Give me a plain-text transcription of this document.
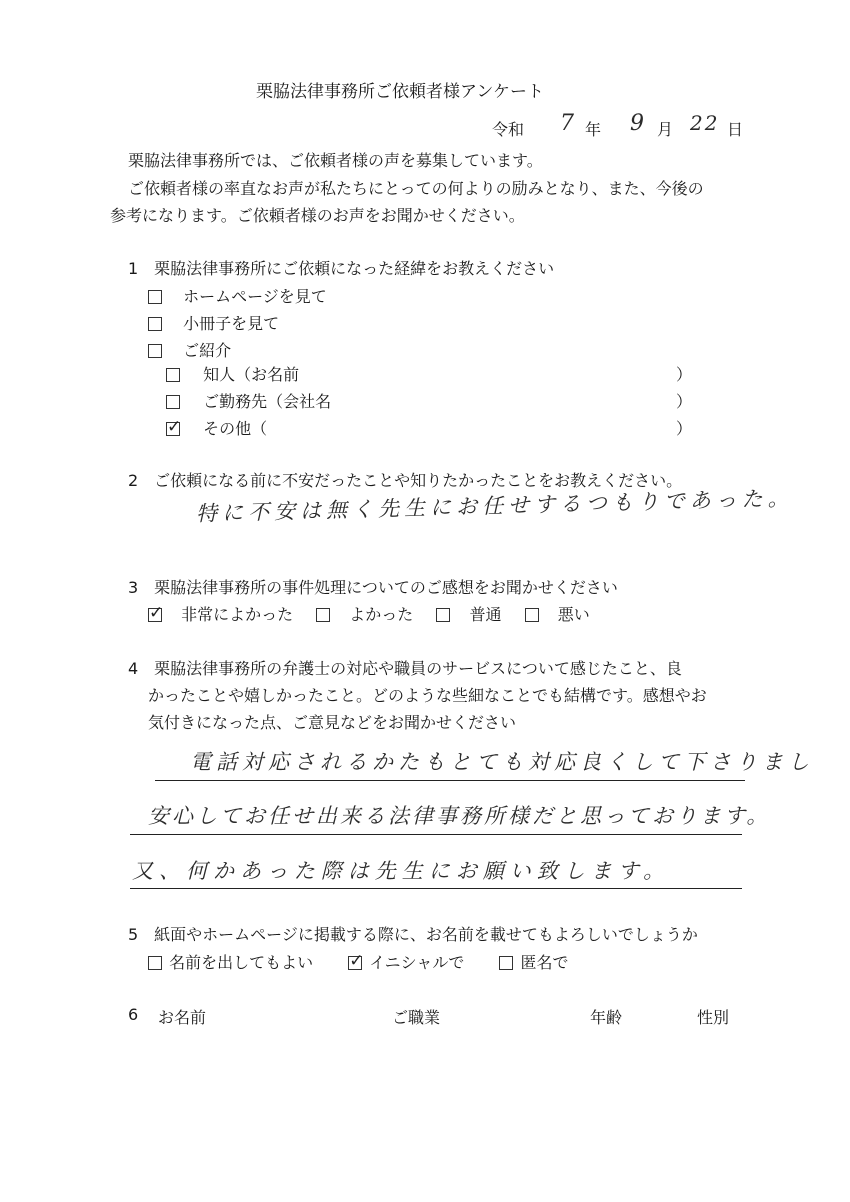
栗脇法律事務所ご依頼者様アンケート
令和 7 年 9 月 22 日
栗脇法律事務所では、ご依頼者様の声を募集しています。
ご依頼者様の率直なお声が私たちにとっての何よりの励みとなり、また、今後の
参考になります。ご依頼者様のお声をお聞かせください。
1　栗脇法律事務所にご依頼になった経緯をお教えください
ホームページを見て
小冊子を見て
ご紹介
知人（お名前	）
ご勤務先（会社名	）
✓ その他（	）
2　ご依頼になる前に不安だったことや知りたかったことをお教えください。
特に不安は無く先生にお任せするつもりであった。
3　栗脇法律事務所の事件処理についてのご感想をお聞かせください
✓ 非常によかった	よかった	普通	悪い
4　栗脇法律事務所の弁護士の対応や職員のサービスについて感じたこと、良
かったことや嬉しかったこと。どのような些細なことでも結構です。感想やお
気付きになった点、ご意見などをお聞かせください
電話対応されるかたもとても対応良くして下さりまし
安心してお任せ出来る法律事務所様だと思っております。
又、何かあった際は先生にお願い致します。
5　紙面やホームページに掲載する際に、お名前を載せてもよろしいでしょうか
名前を出してもよい ✓	イニシャルで	匿名で
6 お名前	ご職業	年齢	性別
